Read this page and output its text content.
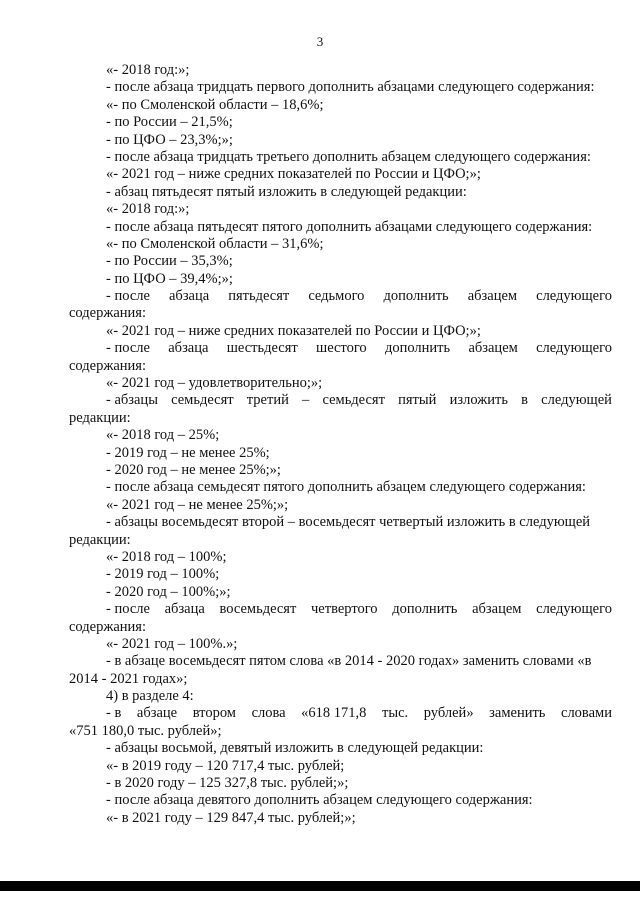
3
«- 2018 год:»;
- после абзаца тридцать первого дополнить абзацами следующего содержания:
«- по Смоленской области – 18,6%;
- по России – 21,5%;
- по ЦФО – 23,3%;»;
- после абзаца тридцать третьего дополнить абзацем следующего содержания:
«- 2021 год – ниже средних показателей по России и ЦФО;»;
- абзац пятьдесят пятый изложить в следующей редакции:
«- 2018 год:»;
- после абзаца пятьдесят пятого дополнить абзацами следующего содержания:
«- по Смоленской области – 31,6%;
- по России – 35,3%;
- по ЦФО – 39,4%;»;
- после абзаца пятьдесят седьмого дополнить абзацем следующего
содержания:
«- 2021 год – ниже средних показателей по России и ЦФО;»;
- после абзаца шестьдесят шестого дополнить абзацем следующего
содержания:
«- 2021 год – удовлетворительно;»;
- абзацы семьдесят третий – семьдесят пятый изложить в следующей
редакции:
«- 2018 год – 25%;
- 2019 год – не менее 25%;
- 2020 год – не менее 25%;»;
- после абзаца семьдесят пятого дополнить абзацем следующего содержания:
«- 2021 год – не менее 25%;»;
- абзацы восемьдесят второй – восемьдесят четвертый изложить в следующей
редакции:
«- 2018 год – 100%;
- 2019 год – 100%;
- 2020 год – 100%;»;
- после абзаца восемьдесят четвертого дополнить абзацем следующего
содержания:
«- 2021 год – 100%.»;
- в абзаце восемьдесят пятом слова «в 2014 - 2020 годах» заменить словами «в
2014 - 2021 годах»;
4) в разделе 4:
- в абзаце втором слова «618 171,8 тыс. рублей» заменить словами
«751 180,0 тыс. рублей»;
- абзацы восьмой, девятый изложить в следующей редакции:
«- в 2019 году – 120 717,4 тыс. рублей;
- в 2020 году – 125 327,8 тыс. рублей;»;
- после абзаца девятого дополнить абзацем следующего содержания:
«- в 2021 году – 129 847,4 тыс. рублей;»;
